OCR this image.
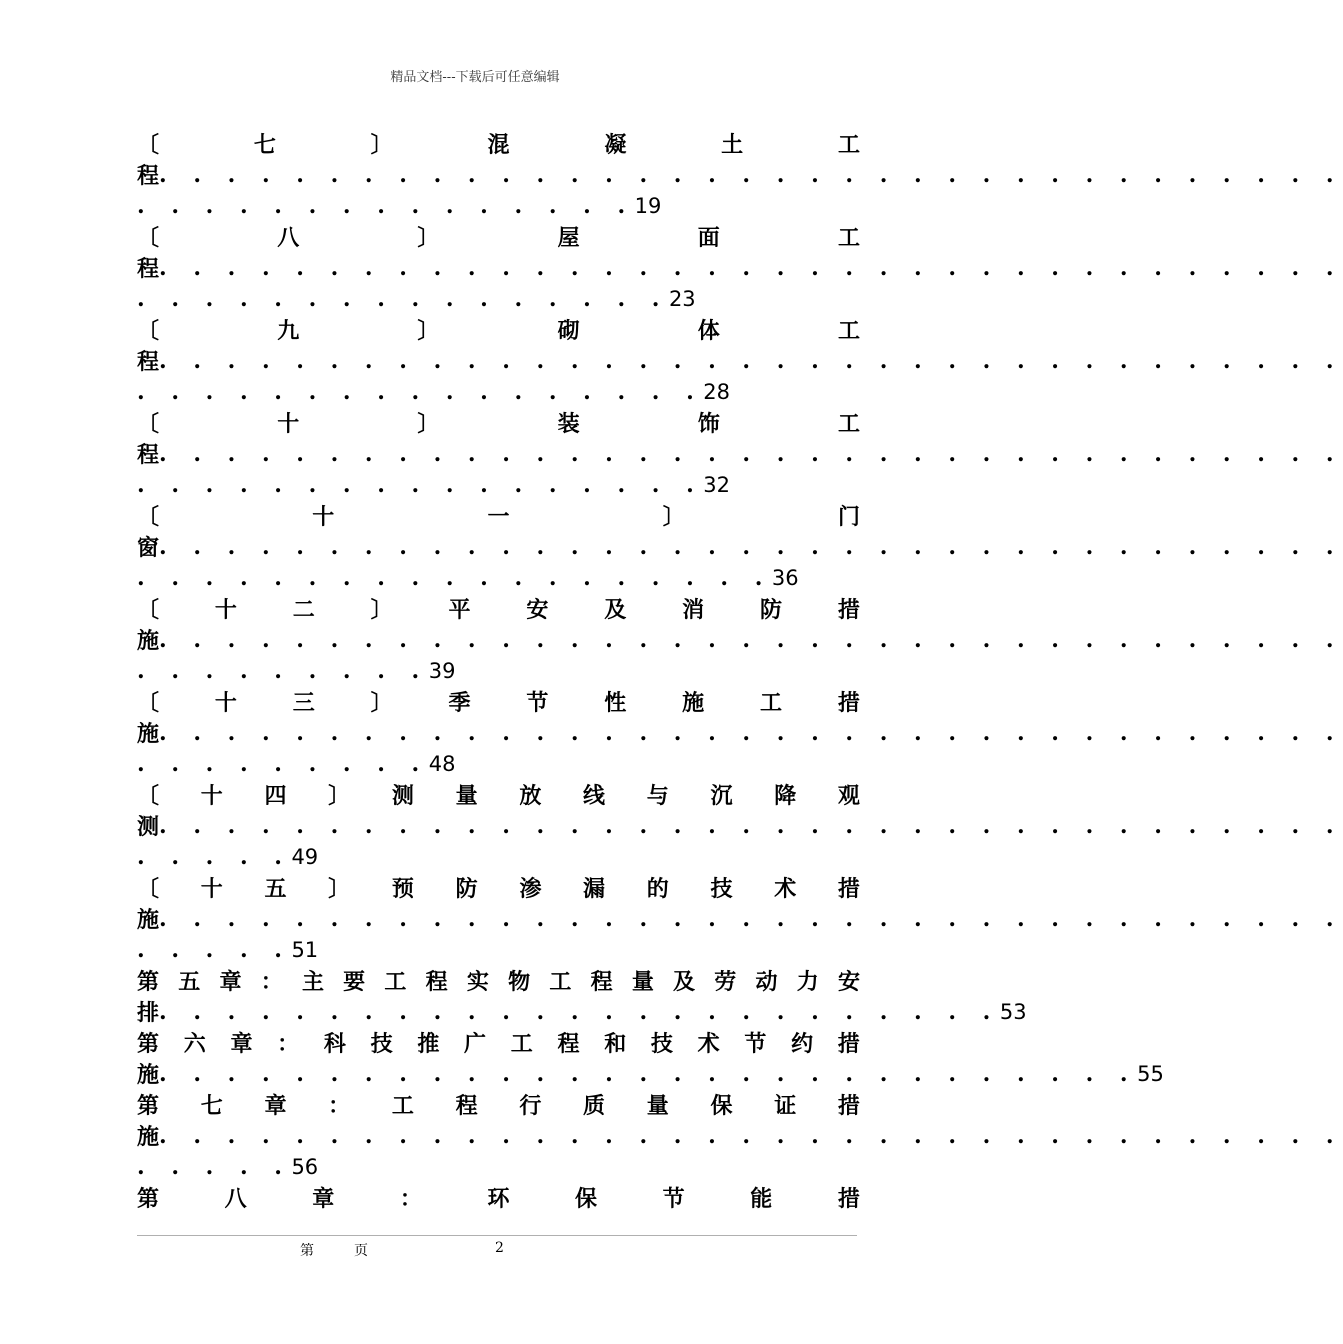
精品文档---下载后可任意编辑
〔	七	〕	混	凝	土	工
程 . . . . . . . . . . . . . . . . . . . . . . . . . . . . . . . . . . .
. . . . . . . . . . . . . . . 19
〔	八	〕	屋	面	工
程 . . . . . . . . . . . . . . . . . . . . . . . . . . . . . . . . . . .
. . . . . . . . . . . . . . . . 23
〔	九	〕	砌	体	工
程 . . . . . . . . . . . . . . . . . . . . . . . . . . . . . . . . . . .
. . . . . . . . . . . . . . . . . 28
〔	十	〕	装	饰	工
程 . . . . . . . . . . . . . . . . . . . . . . . . . . . . . . . . . . .
. . . . . . . . . . . . . . . . . 32
〔	十	一	〕	门
窗 . . . . . . . . . . . . . . . . . . . . . . . . . . . . . . . . . . .
. . . . . . . . . . . . . . . . . . . 36
〔	十	二	〕	平	安	及	消	防	措
施 . . . . . . . . . . . . . . . . . . . . . . . . . . . . . . . . . . .
. . . . . . . . . 39
〔	十	三	〕	季	节	性	施	工	措
施 . . . . . . . . . . . . . . . . . . . . . . . . . . . . . . . . . . .
. . . . . . . . . 48
〔 十 四 〕 测 量 放 线 与 沉 降 观
测 . . . . . . . . . . . . . . . . . . . . . . . . . . . . . . . . . . .
. . . . . 49
〔 十 五 〕 预 防 渗 漏 的 技 术 措
施 . . . . . . . . . . . . . . . . . . . . . . . . . . . . . . . . . . .
. . . . . 51
第 五 章 ： 主 要 工 程 实 物 工 程 量 及 劳 动 力 安
排 . . . . . . . . . . . . . . . . . . . . . . . . . 53
第 六 章 ： 科 技 推 广 工 程 和 技 术 节 约 措
施 . . . . . . . . . . . . . . . . . . . . . . . . . . . . . 55
第 七 章 ： 工 程 行 质 量 保 证 措
施 . . . . . . . . . . . . . . . . . . . . . . . . . . . . . . . . . . .
. . . . . 56
第	八	章	：	环	保	节	能	措
第	页	2
